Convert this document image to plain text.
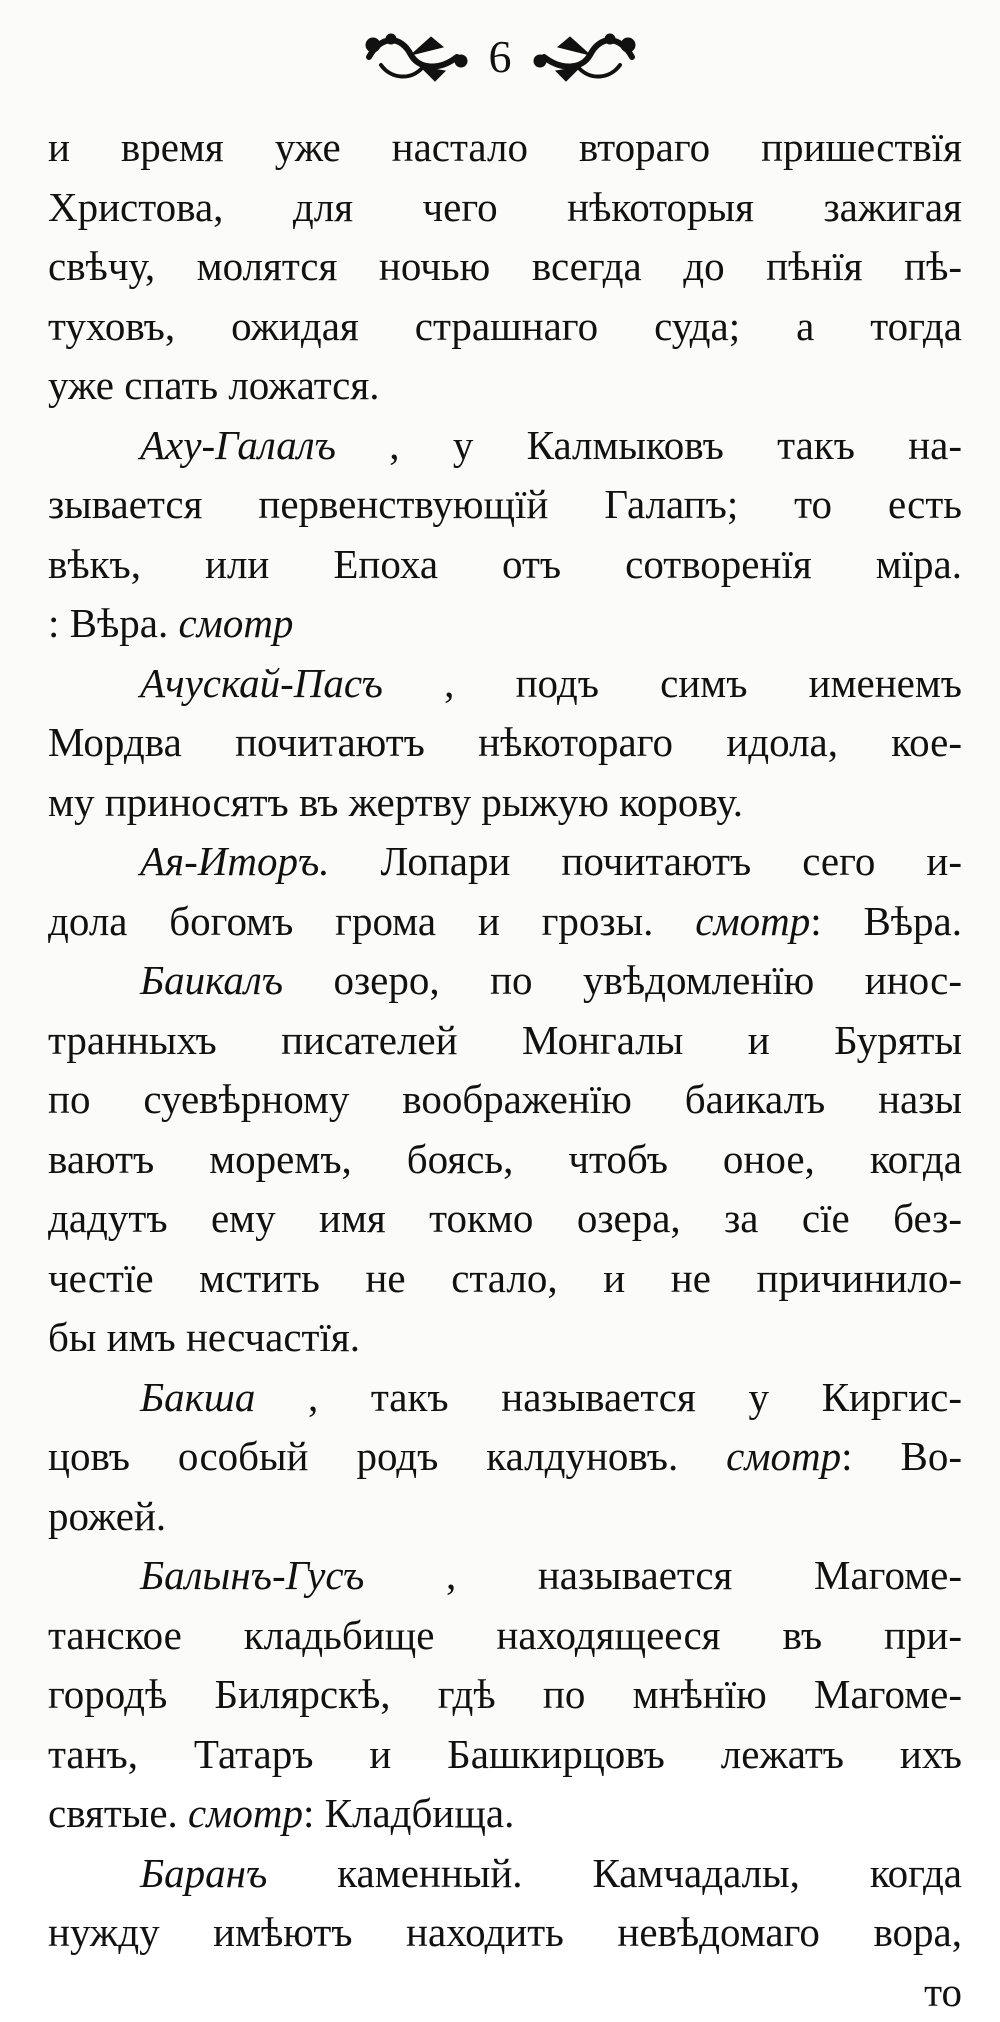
6
и время уже настало втораго пришествїя
Христова, для чего нѣкоторыя зажигая
свѣчу, молятся ночью всегда до пѣнїя пѣ-
туховъ, ожидая страшнаго суда; а тогда
уже спать ложатся.
Аху-Галалъ , у Калмыковъ такъ на-
зывается первенствующїй Галапъ; то есть
вѣкъ, или Епоха отъ сотворенїя мїра.
: Вѣра. смотр
Ачускай-Пасъ , подъ симъ именемъ
Мордва почитаютъ нѣкотораго идола, кое-
му приносятъ въ жертву рыжую корову.
Ая-Иторъ. Лопари почитаютъ сего и-
дола богомъ грома и грозы. смотр: Вѣра.
Баикалъ озеро, по увѣдомленїю инос-
транныхъ писателей Монгалы и Буряты
по суевѣрному воображенїю баикалъ назы
ваютъ моремъ, боясь, чтобъ оное, когда
дадутъ ему имя токмо озера, за сїе без-
честїе мстить не стало, и не причинило-
бы имъ несчастїя.
Бакша , такъ называется у Киргис-
цовъ особый родъ калдуновъ. смотр: Во-
рожей.
Балынъ-Гусъ , называется Магоме-
танское кладьбище находящееся въ при-
городѣ Билярскѣ, гдѣ по мнѣнїю Магоме-
танъ, Татаръ и Башкирцовъ лежатъ ихъ
святые. смотр: Кладбища.
Баранъ каменный. Камчадалы, когда
нужду имѣютъ находить невѣдомаго вора,
то
